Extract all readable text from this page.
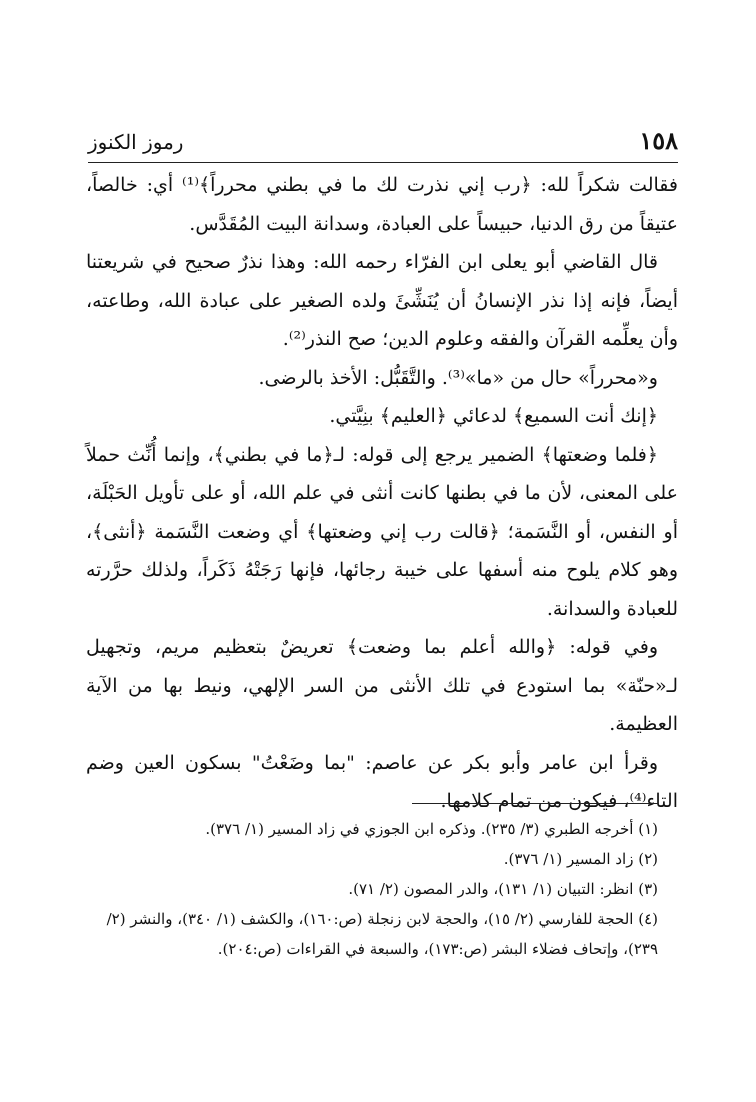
١٥٨
رموز الكنوز

فقالت شكراً لله: ﴿رب إني نذرت لك ما في بطني محرراً﴾⁽¹⁾ أي: خالصاً، عتيقاً من رق الدنيا، حبيساً على العبادة، وسدانة البيت المُقَدَّس.

قال القاضي أبو يعلى ابن الفرّاء رحمه الله: وهذا نذرٌ صحيح في شريعتنا أيضاً، فإنه إذا نذر الإنسانُ أن يُنَشِّئَ ولده الصغير على عبادة الله، وطاعته، وأن يعلِّمه القرآن والفقه وعلوم الدين؛ صح النذر⁽²⁾.

و«محرراً» حال من «ما»⁽³⁾. والتَّقَبُّل: الأخذ بالرضى.

﴿إنك أنت السميع﴾ لدعائي ﴿العليم﴾ بنِيَّتي.

﴿فلما وضعتها﴾ الضمير يرجع إلى قوله: لـ﴿ما في بطني﴾، وإنما أُنِّث حملاً على المعنى، لأن ما في بطنها كانت أنثى في علم الله، أو على تأويل الحَبْلَة، أو النفس، أو النَّسَمة؛ ﴿قالت رب إني وضعتها﴾ أي وضعت النَّسَمة ﴿أنثى﴾، وهو كلام يلوح منه أسفها على خيبة رجائها، فإنها رَجَتْهُ ذَكَراً، ولذلك حرَّرته للعبادة والسدانة.

وفي قوله: ﴿والله أعلم بما وضعت﴾ تعريضٌ بتعظيم مريم، وتجهيل لـ«حنّة» بما استودع في تلك الأنثى من السر الإلهي، ونيط بها من الآية العظيمة.

وقرأ ابن عامر وأبو بكر عن عاصم: "بما وضَعْتُ" بسكون العين وضم التاء⁽⁴⁾، فيكون من تمام كلامها.

(١) أخرجه الطبري (٣/ ٢٣٥). وذكره ابن الجوزي في زاد المسير (١/ ٣٧٦).

(٢) زاد المسير (١/ ٣٧٦).

(٣) انظر: التبيان (١/ ١٣١)، والدر المصون (٢/ ٧١).

(٤) الحجة للفارسي (٢/ ١٥)، والحجة لابن زنجلة (ص:١٦٠)، والكشف (١/ ٣٤٠)، والنشر (٢/ ٢٣٩)، وإتحاف فضلاء البشر (ص:١٧٣)، والسبعة في القراءات (ص:٢٠٤).
